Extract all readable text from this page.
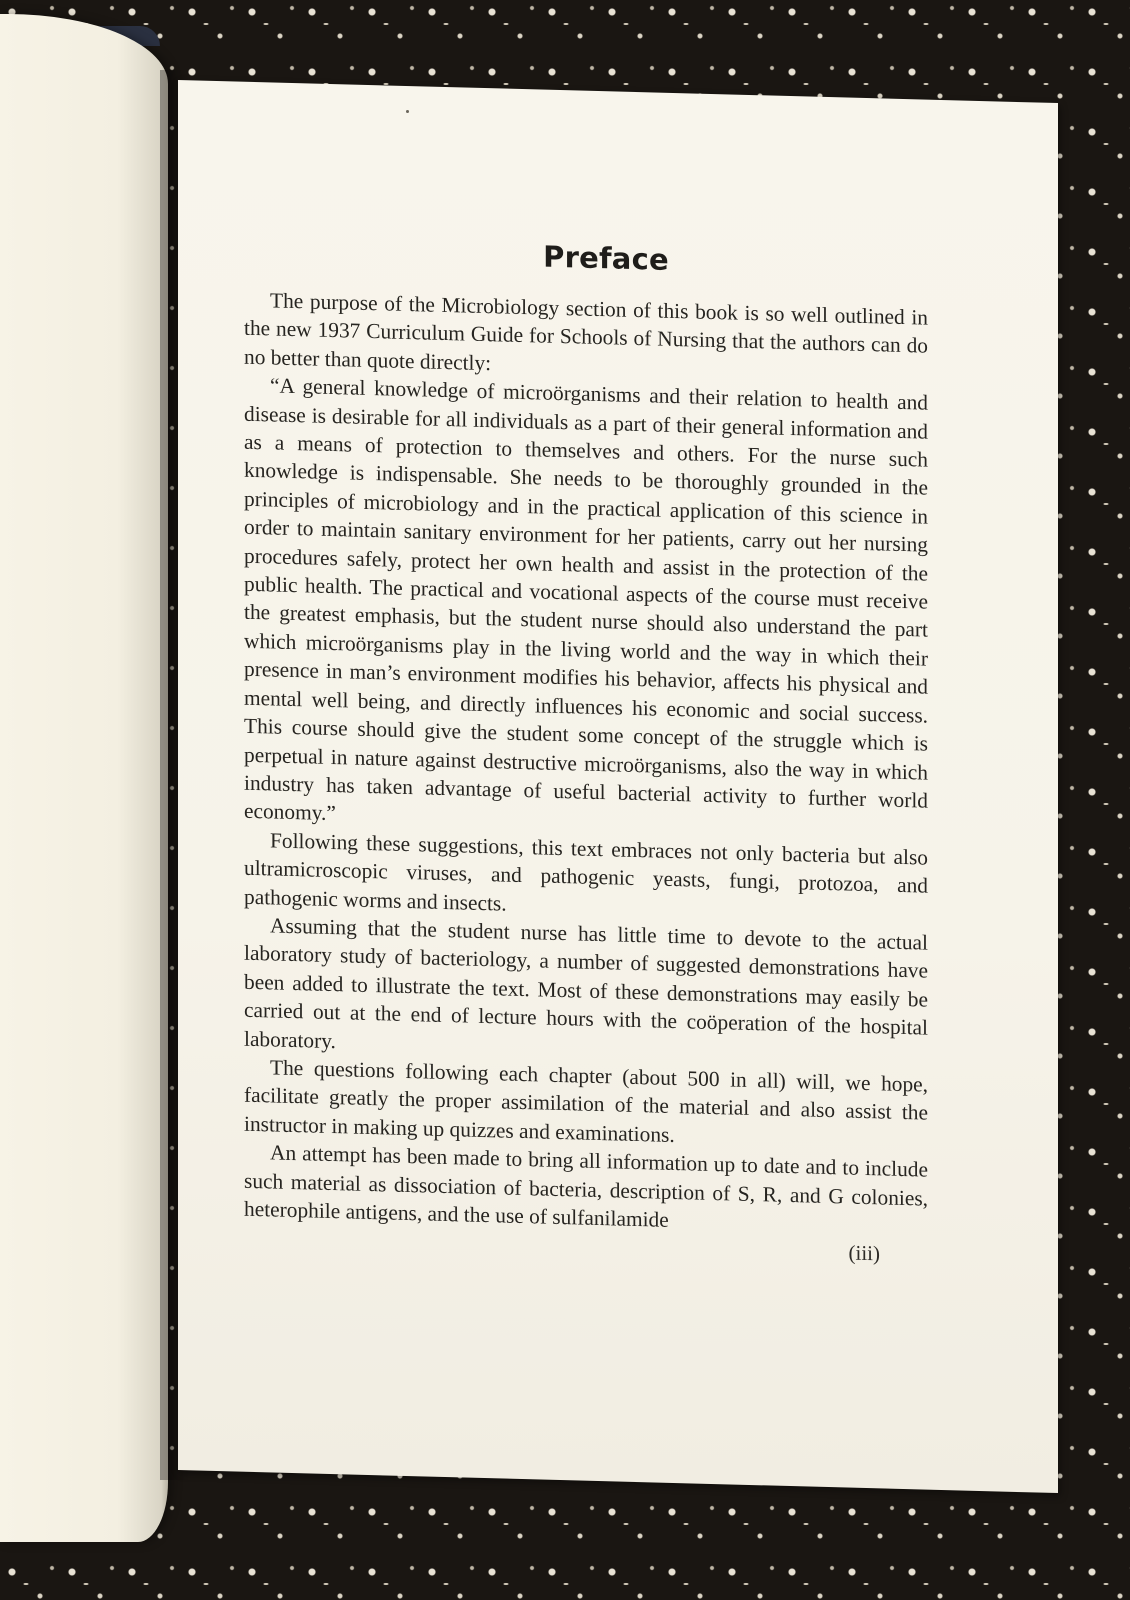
Preface

The purpose of the Microbiology section of this book is so well outlined in the new 1937 Curriculum Guide for Schools of Nursing that the authors can do no better than quote directly:

“A general knowledge of microörganisms and their relation to health and disease is desirable for all individuals as a part of their general information and as a means of protection to themselves and others. For the nurse such knowledge is indispensable. She needs to be thoroughly grounded in the principles of microbiology and in the practical application of this science in order to maintain sanitary environment for her patients, carry out her nursing procedures safely, protect her own health and assist in the protection of the public health. The practical and vocational aspects of the course must receive the greatest emphasis, but the student nurse should also understand the part which microörganisms play in the living world and the way in which their presence in man’s environment modifies his behavior, affects his physical and mental well being, and directly influences his economic and social success. This course should give the student some concept of the struggle which is perpetual in nature against destructive microörganisms, also the way in which industry has taken advantage of useful bacterial activity to further world economy.”

Following these suggestions, this text embraces not only bacteria but also ultramicroscopic viruses, and pathogenic yeasts, fungi, protozoa, and pathogenic worms and insects.

Assuming that the student nurse has little time to devote to the actual laboratory study of bacteriology, a number of suggested demonstrations have been added to illustrate the text. Most of these demonstrations may easily be carried out at the end of lecture hours with the coöperation of the hospital laboratory.

The questions following each chapter (about 500 in all) will, we hope, facilitate greatly the proper assimilation of the material and also assist the instructor in making up quizzes and examinations.

An attempt has been made to bring all information up to date and to include such material as dissociation of bacteria, description of S, R, and G colonies, heterophile antigens, and the use of sulfanilamide

(iii)
